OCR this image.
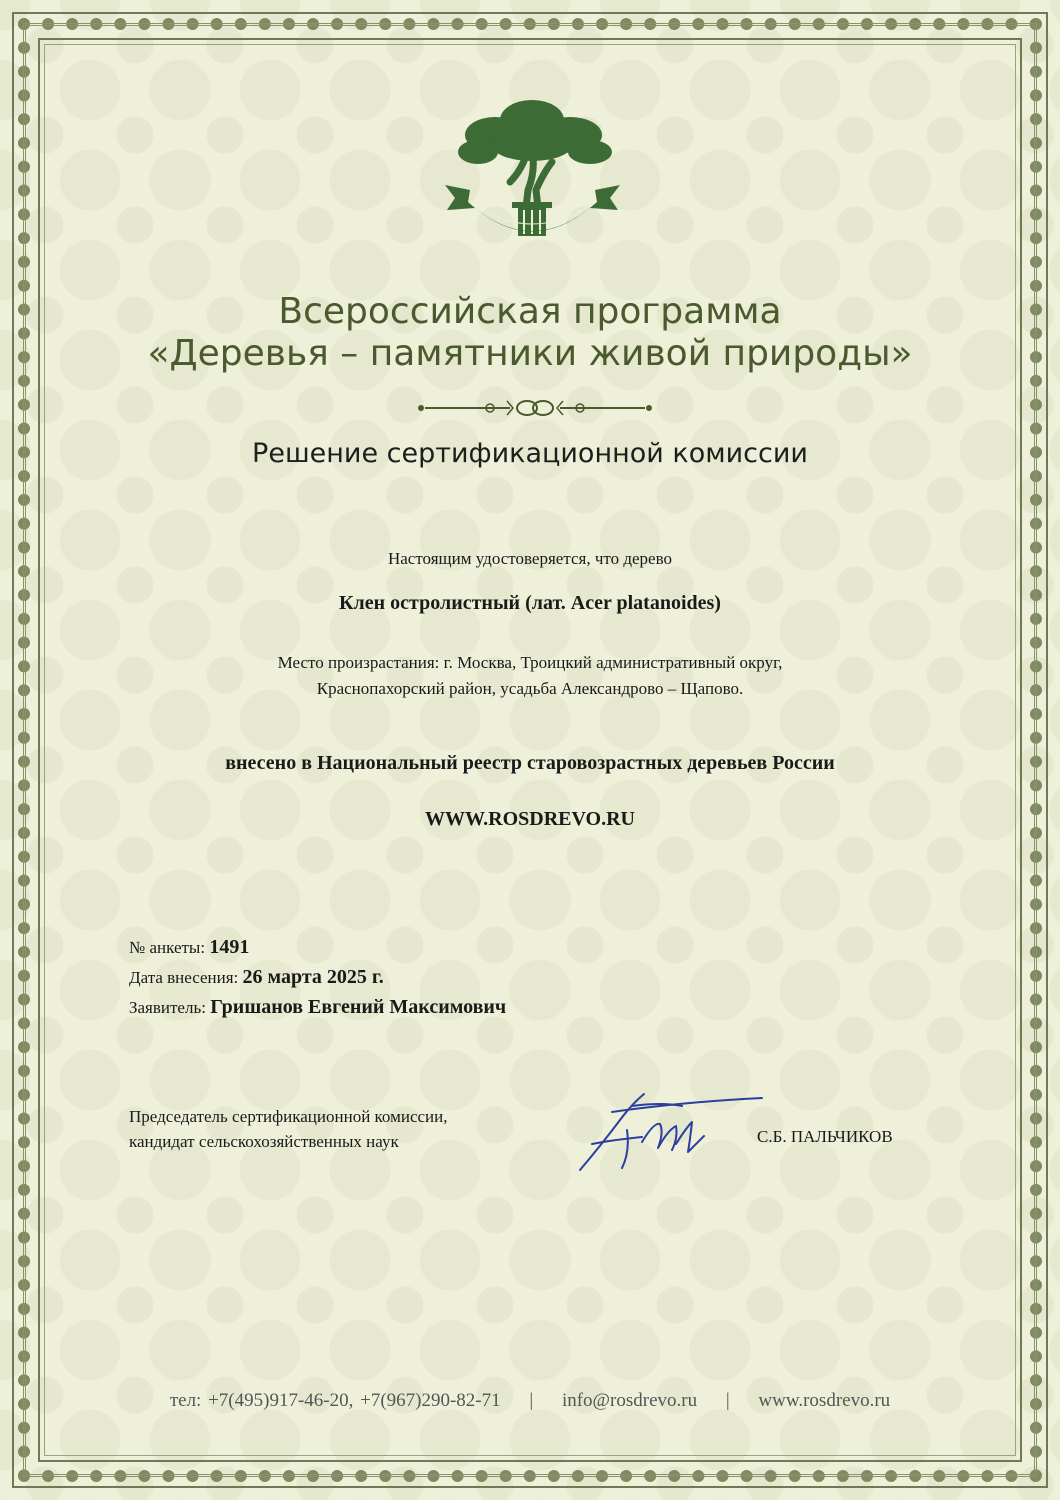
Всероссийская программа
«Деревья – памятники живой природы»
Решение сертификационной комиссии
Настоящим удостоверяется, что дерево
Клен остролистный (лат. Acer platanoides)
Место произрастания: г. Москва, Троицкий административный округ,
Краснопахорский район, усадьба Александрово – Щапово.
внесено в Национальный реестр старовозрастных деревьев России
WWW.ROSDREVO.RU
№ анкеты: 1491
Дата внесения: 26 марта 2025 г.
Заявитель: Гришанов Евгений Максимович
Председатель сертификационной комиссии,
кандидат сельскохозяйственных наук	С.Б. ПАЛЬЧИКОВ
тел: +7(495)917-46-20, +7(967)290-82-71 | info@rosdrevo.ru | www.rosdrevo.ru
